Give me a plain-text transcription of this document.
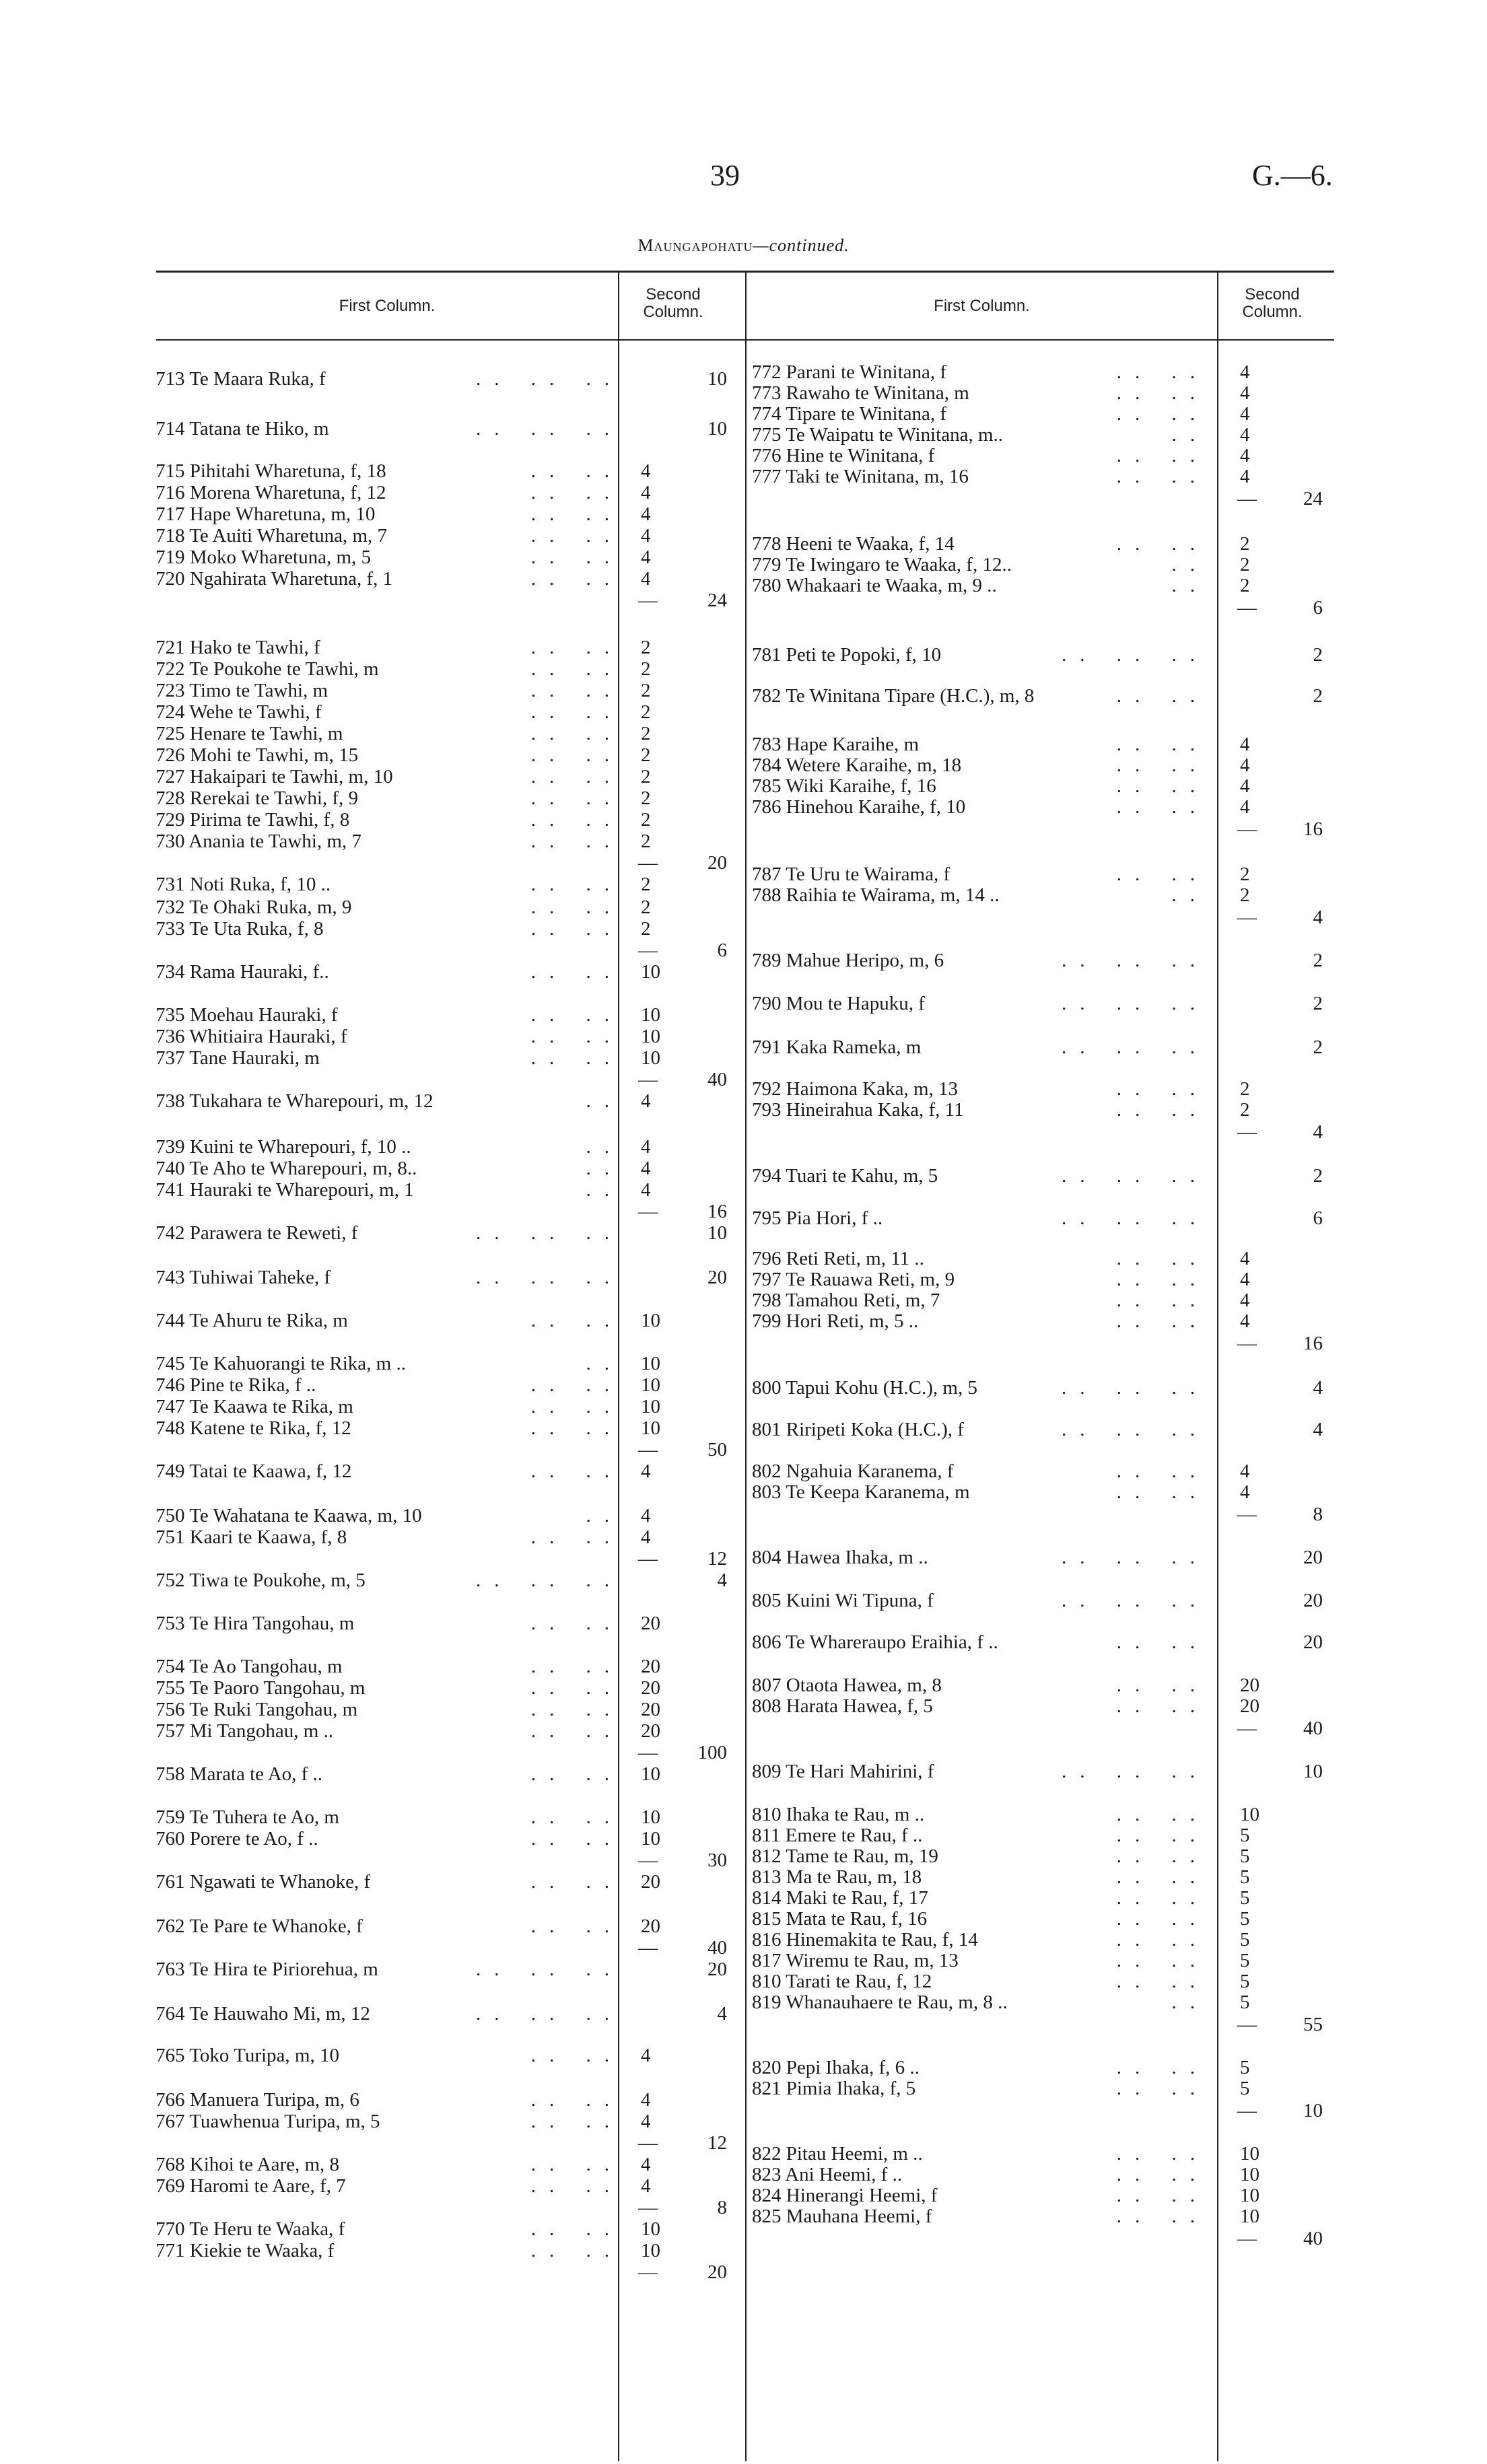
39	G.—6.
Maungapohatu—continued.
First Column.
Second Column.	First Column.
Second Column.
713 Te Maara Ruka, f	.. .. ..	10
714 Tatana te Hiko, m	.. .. ..	10
715 Pihitahi Wharetuna, f, 18	.. .. 4
716 Morena Wharetuna, f, 12	.. .. 4
717 Hape Wharetuna, m, 10	.. .. 4
718 Te Auiti Wharetuna, m, 7	.. .. 4
719 Moko Wharetuna, m, 5	.. .. 4
720 Ngahirata Wharetuna, f, 1	.. .. 4
—	24
721 Hako te Tawhi, f	.. .. 2
722 Te Poukohe te Tawhi, m	.. .. 2
723 Timo te Tawhi, m	.. .. 2
724 Wehe te Tawhi, f	.. .. 2
725 Henare te Tawhi, m	.. .. 2
726 Mohi te Tawhi, m, 15	.. .. 2
727 Hakaipari te Tawhi, m, 10	.. .. 2
728 Rerekai te Tawhi, f, 9	.. .. 2
729 Pirima te Tawhi, f, 8	.. .. 2
730 Anania te Tawhi, m, 7	.. .. 2
—	20
731 Noti Ruka, f, 10 ..	.. .. 2
732 Te Ohaki Ruka, m, 9	.. .. 2
733 Te Uta Ruka, f, 8	.. .. 2
—	6
734 Rama Hauraki, f..	.. .. 10
735 Moehau Hauraki, f	.. .. 10
736 Whitiaira Hauraki, f	.. .. 10
737 Tane Hauraki, m	.. .. 10
—	40
738 Tukahara te Wharepouri, m, 12	.. 4
739 Kuini te Wharepouri, f, 10 ..	.. 4
740 Te Aho te Wharepouri, m, 8..	.. 4
741 Hauraki te Wharepouri, m, 1	.. 4
—	16
742 Parawera te Reweti, f	.. .. ..	10
743 Tuhiwai Taheke, f	.. .. ..	20
744 Te Ahuru te Rika, m	.. .. 10
745 Te Kahuorangi te Rika, m ..	.. 10
746 Pine te Rika, f ..	.. .. 10
747 Te Kaawa te Rika, m	.. .. 10
748 Katene te Rika, f, 12	.. .. 10
—	50
749 Tatai te Kaawa, f, 12	.. .. 4
750 Te Wahatana te Kaawa, m, 10	.. 4
751 Kaari te Kaawa, f, 8	.. .. 4
—	12
752 Tiwa te Poukohe, m, 5	.. .. ..	4
753 Te Hira Tangohau, m	.. .. 20
754 Te Ao Tangohau, m	.. .. 20
755 Te Paoro Tangohau, m	.. .. 20
756 Te Ruki Tangohau, m	.. .. 20
757 Mi Tangohau, m ..	.. .. 20
—	100
758 Marata te Ao, f ..	.. .. 10
759 Te Tuhera te Ao, m	.. .. 10
760 Porere te Ao, f ..	.. .. 10
—	30
761 Ngawati te Whanoke, f	.. .. 20
762 Te Pare te Whanoke, f	.. .. 20
—	40
763 Te Hira te Piriorehua, m	.. .. ..	20
764 Te Hauwaho Mi, m, 12	.. .. ..	4
765 Toko Turipa, m, 10	.. .. 4
766 Manuera Turipa, m, 6	.. .. 4
767 Tuawhenua Turipa, m, 5	.. .. 4
—	12
768 Kihoi te Aare, m, 8	.. .. 4
769 Haromi te Aare, f, 7	.. .. 4
—	8
770 Te Heru te Waaka, f	.. .. 10
771 Kiekie te Waaka, f	.. .. 10
—	20
772 Parani te Winitana, f	.. .. 4
773 Rawaho te Winitana, m	.. .. 4
774 Tipare te Winitana, f	.. .. 4
775 Te Waipatu te Winitana, m..	.. 4
776 Hine te Winitana, f	.. .. 4
777 Taki te Winitana, m, 16	.. .. 4
—	24
778 Heeni te Waaka, f, 14	.. .. 2
779 Te Iwingaro te Waaka, f, 12..	.. 2
780 Whakaari te Waaka, m, 9 ..	.. 2
—	6
781 Peti te Popoki, f, 10	.. .. ..	2
782 Te Winitana Tipare (H.C.), m, 8	.. ..	2
783 Hape Karaihe, m	.. .. 4
784 Wetere Karaihe, m, 18	.. .. 4
785 Wiki Karaihe, f, 16	.. .. 4
786 Hinehou Karaihe, f, 10	.. .. 4
—	16
787 Te Uru te Wairama, f	.. .. 2
788 Raihia te Wairama, m, 14 ..	.. 2
—	4
789 Mahue Heripo, m, 6	.. .. ..	2
790 Mou te Hapuku, f	.. .. ..	2
791 Kaka Rameka, m	.. .. ..	2
792 Haimona Kaka, m, 13	.. .. 2
793 Hineirahua Kaka, f, 11	.. .. 2
—	4
794 Tuari te Kahu, m, 5	.. .. ..	2
795 Pia Hori, f ..	.. .. ..	6
796 Reti Reti, m, 11 ..	.. .. 4
797 Te Rauawa Reti, m, 9	.. .. 4
798 Tamahou Reti, m, 7	.. .. 4
799 Hori Reti, m, 5 ..	.. .. 4
—	16
800 Tapui Kohu (H.C.), m, 5	.. .. ..	4
801 Riripeti Koka (H.C.), f	.. .. ..	4
802 Ngahuia Karanema, f	.. .. 4
803 Te Keepa Karanema, m	.. .. 4
—	8
804 Hawea Ihaka, m ..	.. .. ..	20
805 Kuini Wi Tipuna, f	.. .. ..	20
806 Te Whareraupo Eraihia, f ..	.. ..	20
807 Otaota Hawea, m, 8	.. .. 20
808 Harata Hawea, f, 5	.. .. 20
—	40
809 Te Hari Mahirini, f	.. .. ..	10
810 Ihaka te Rau, m ..	.. .. 10
811 Emere te Rau, f ..	.. .. 5
812 Tame te Rau, m, 19	.. .. 5
813 Ma te Rau, m, 18	.. .. 5
814 Maki te Rau, f, 17	.. .. 5
815 Mata te Rau, f, 16	.. .. 5
816 Hinemakita te Rau, f, 14	.. .. 5
817 Wiremu te Rau, m, 13	.. .. 5
810 Tarati te Rau, f, 12	.. .. 5
819 Whanauhaere te Rau, m, 8 ..	.. 5
—	55
820 Pepi Ihaka, f, 6 ..	.. .. 5
821 Pimia Ihaka, f, 5	.. .. 5
—	10
822 Pitau Heemi, m ..	.. .. 10
823 Ani Heemi, f ..	.. .. 10
824 Hinerangi Heemi, f	.. .. 10
825 Mauhana Heemi, f	.. .. 10
—	40
